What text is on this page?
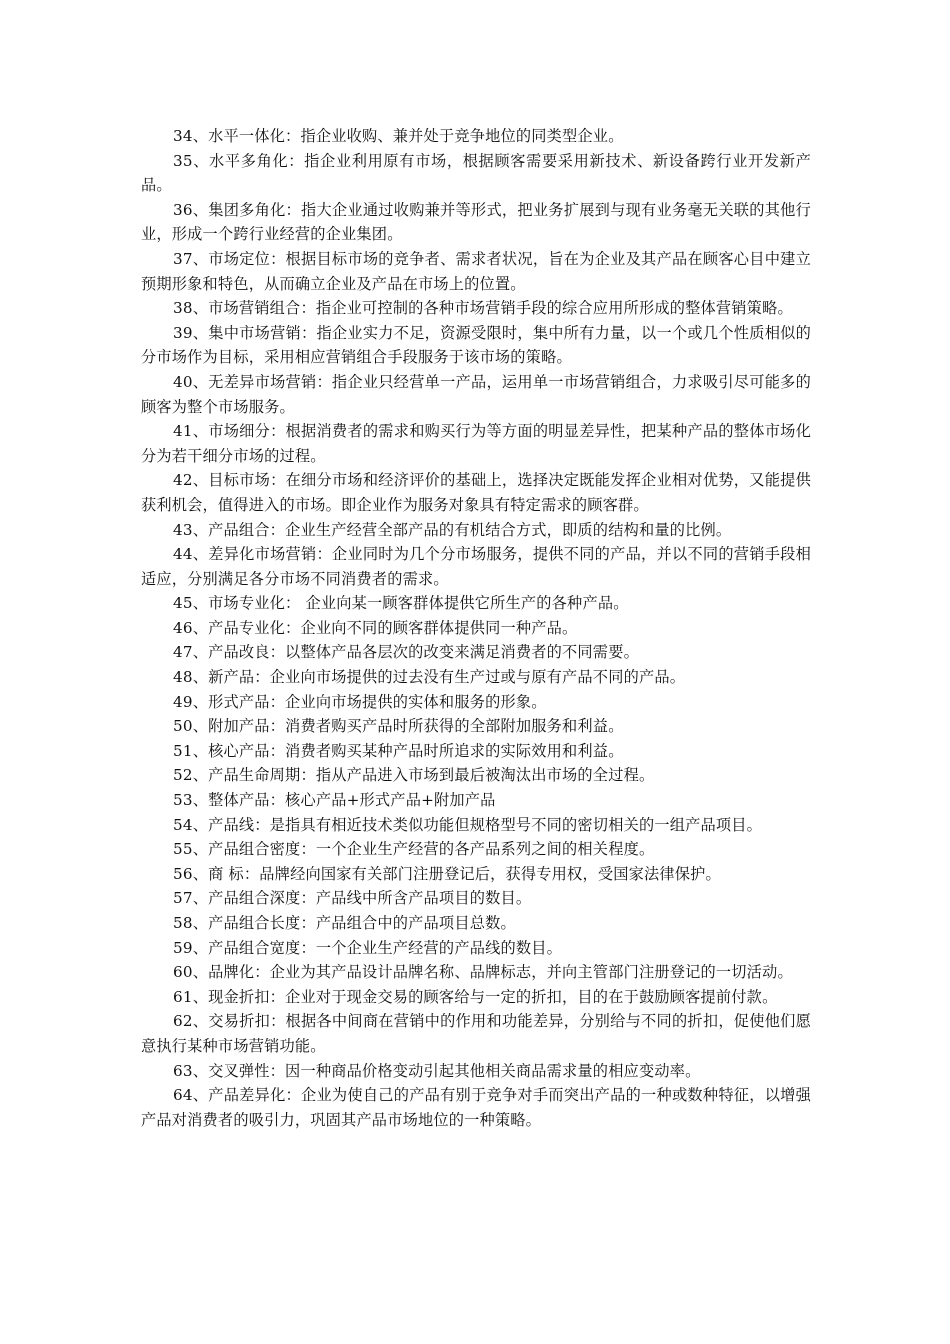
34、水平一体化：指企业收购、兼并处于竞争地位的同类型企业。

35、水平多角化：指企业利用原有市场，根据顾客需要采用新技术、新设备跨行业开发新产品。

36、集团多角化：指大企业通过收购兼并等形式，把业务扩展到与现有业务毫无关联的其他行业，形成一个跨行业经营的企业集团。

37、市场定位：根据目标市场的竞争者、需求者状况，旨在为企业及其产品在顾客心目中建立预期形象和特色，从而确立企业及产品在市场上的位置。

38、市场营销组合：指企业可控制的各种市场营销手段的综合应用所形成的整体营销策略。

39、集中市场营销：指企业实力不足，资源受限时，集中所有力量，以一个或几个性质相似的分市场作为目标，采用相应营销组合手段服务于该市场的策略。

40、无差异市场营销：指企业只经营单一产品，运用单一市场营销组合，力求吸引尽可能多的顾客为整个市场服务。

41、市场细分：根据消费者的需求和购买行为等方面的明显差异性，把某种产品的整体市场化分为若干细分市场的过程。

42、目标市场：在细分市场和经济评价的基础上，选择决定既能发挥企业相对优势，又能提供获利机会，值得进入的市场。即企业作为服务对象具有特定需求的顾客群。

43、产品组合：企业生产经营全部产品的有机结合方式，即质的结构和量的比例。

44、差异化市场营销：企业同时为几个分市场服务，提供不同的产品，并以不同的营销手段相适应，分别满足各分市场不同消费者的需求。

45、市场专业化： 企业向某一顾客群体提供它所生产的各种产品。

46、产品专业化：企业向不同的顾客群体提供同一种产品。

47、产品改良：以整体产品各层次的改变来满足消费者的不同需要。

48、新产品：企业向市场提供的过去没有生产过或与原有产品不同的产品。

49、形式产品：企业向市场提供的实体和服务的形象。

50、附加产品：消费者购买产品时所获得的全部附加服务和利益。

51、核心产品：消费者购买某种产品时所追求的实际效用和利益。

52、产品生命周期：指从产品进入市场到最后被淘汰出市场的全过程。

53、整体产品：核心产品+形式产品+附加产品

54、产品线：是指具有相近技术类似功能但规格型号不同的密切相关的一组产品项目。

55、产品组合密度：一个企业生产经营的各产品系列之间的相关程度。

56、商 标：品牌经向国家有关部门注册登记后，获得专用权，受国家法律保护。

57、产品组合深度：产品线中所含产品项目的数目。

58、产品组合长度：产品组合中的产品项目总数。

59、产品组合宽度：一个企业生产经营的产品线的数目。

60、品牌化：企业为其产品设计品牌名称、品牌标志，并向主管部门注册登记的一切活动。

61、现金折扣：企业对于现金交易的顾客给与一定的折扣，目的在于鼓励顾客提前付款。

62、交易折扣：根据各中间商在营销中的作用和功能差异，分别给与不同的折扣，促使他们愿意执行某种市场营销功能。

63、交叉弹性：因一种商品价格变动引起其他相关商品需求量的相应变动率。

64、产品差异化：企业为使自己的产品有别于竞争对手而突出产品的一种或数种特征，以增强产品对消费者的吸引力，巩固其产品市场地位的一种策略。
